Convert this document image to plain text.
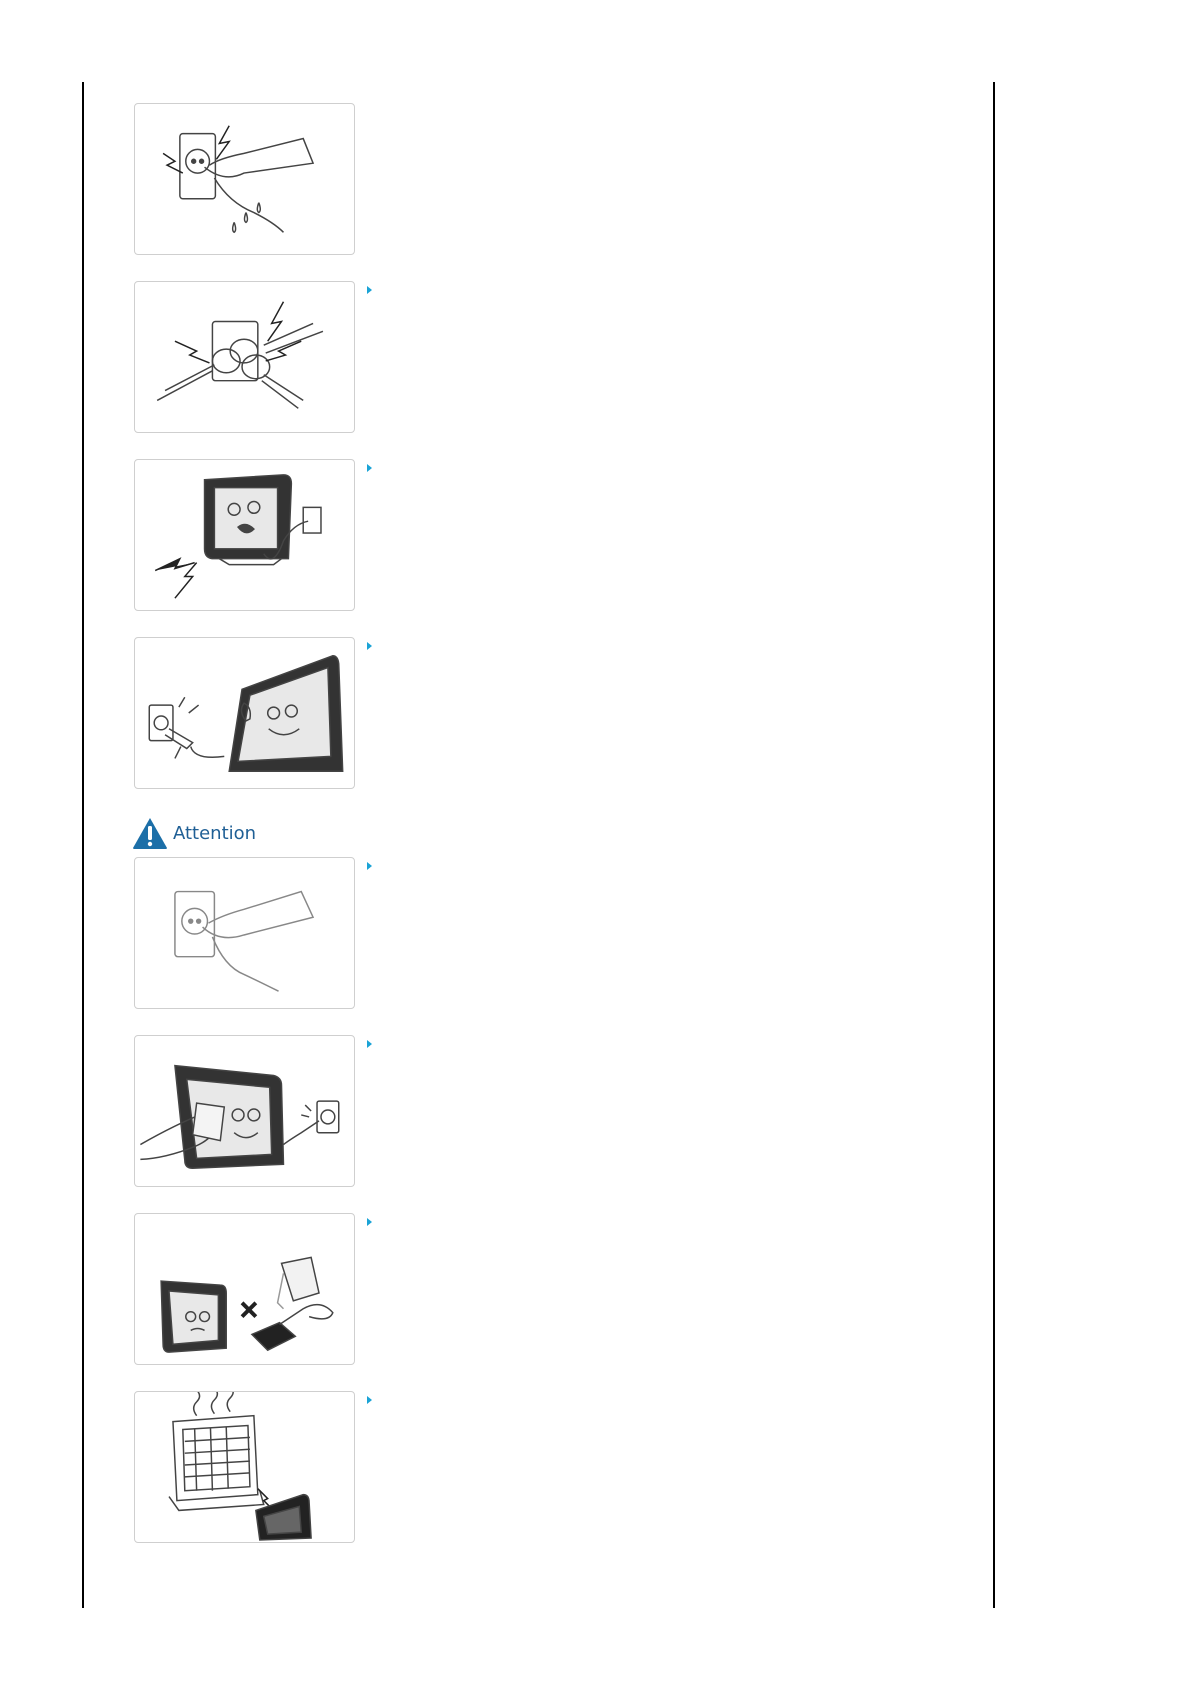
Attention
